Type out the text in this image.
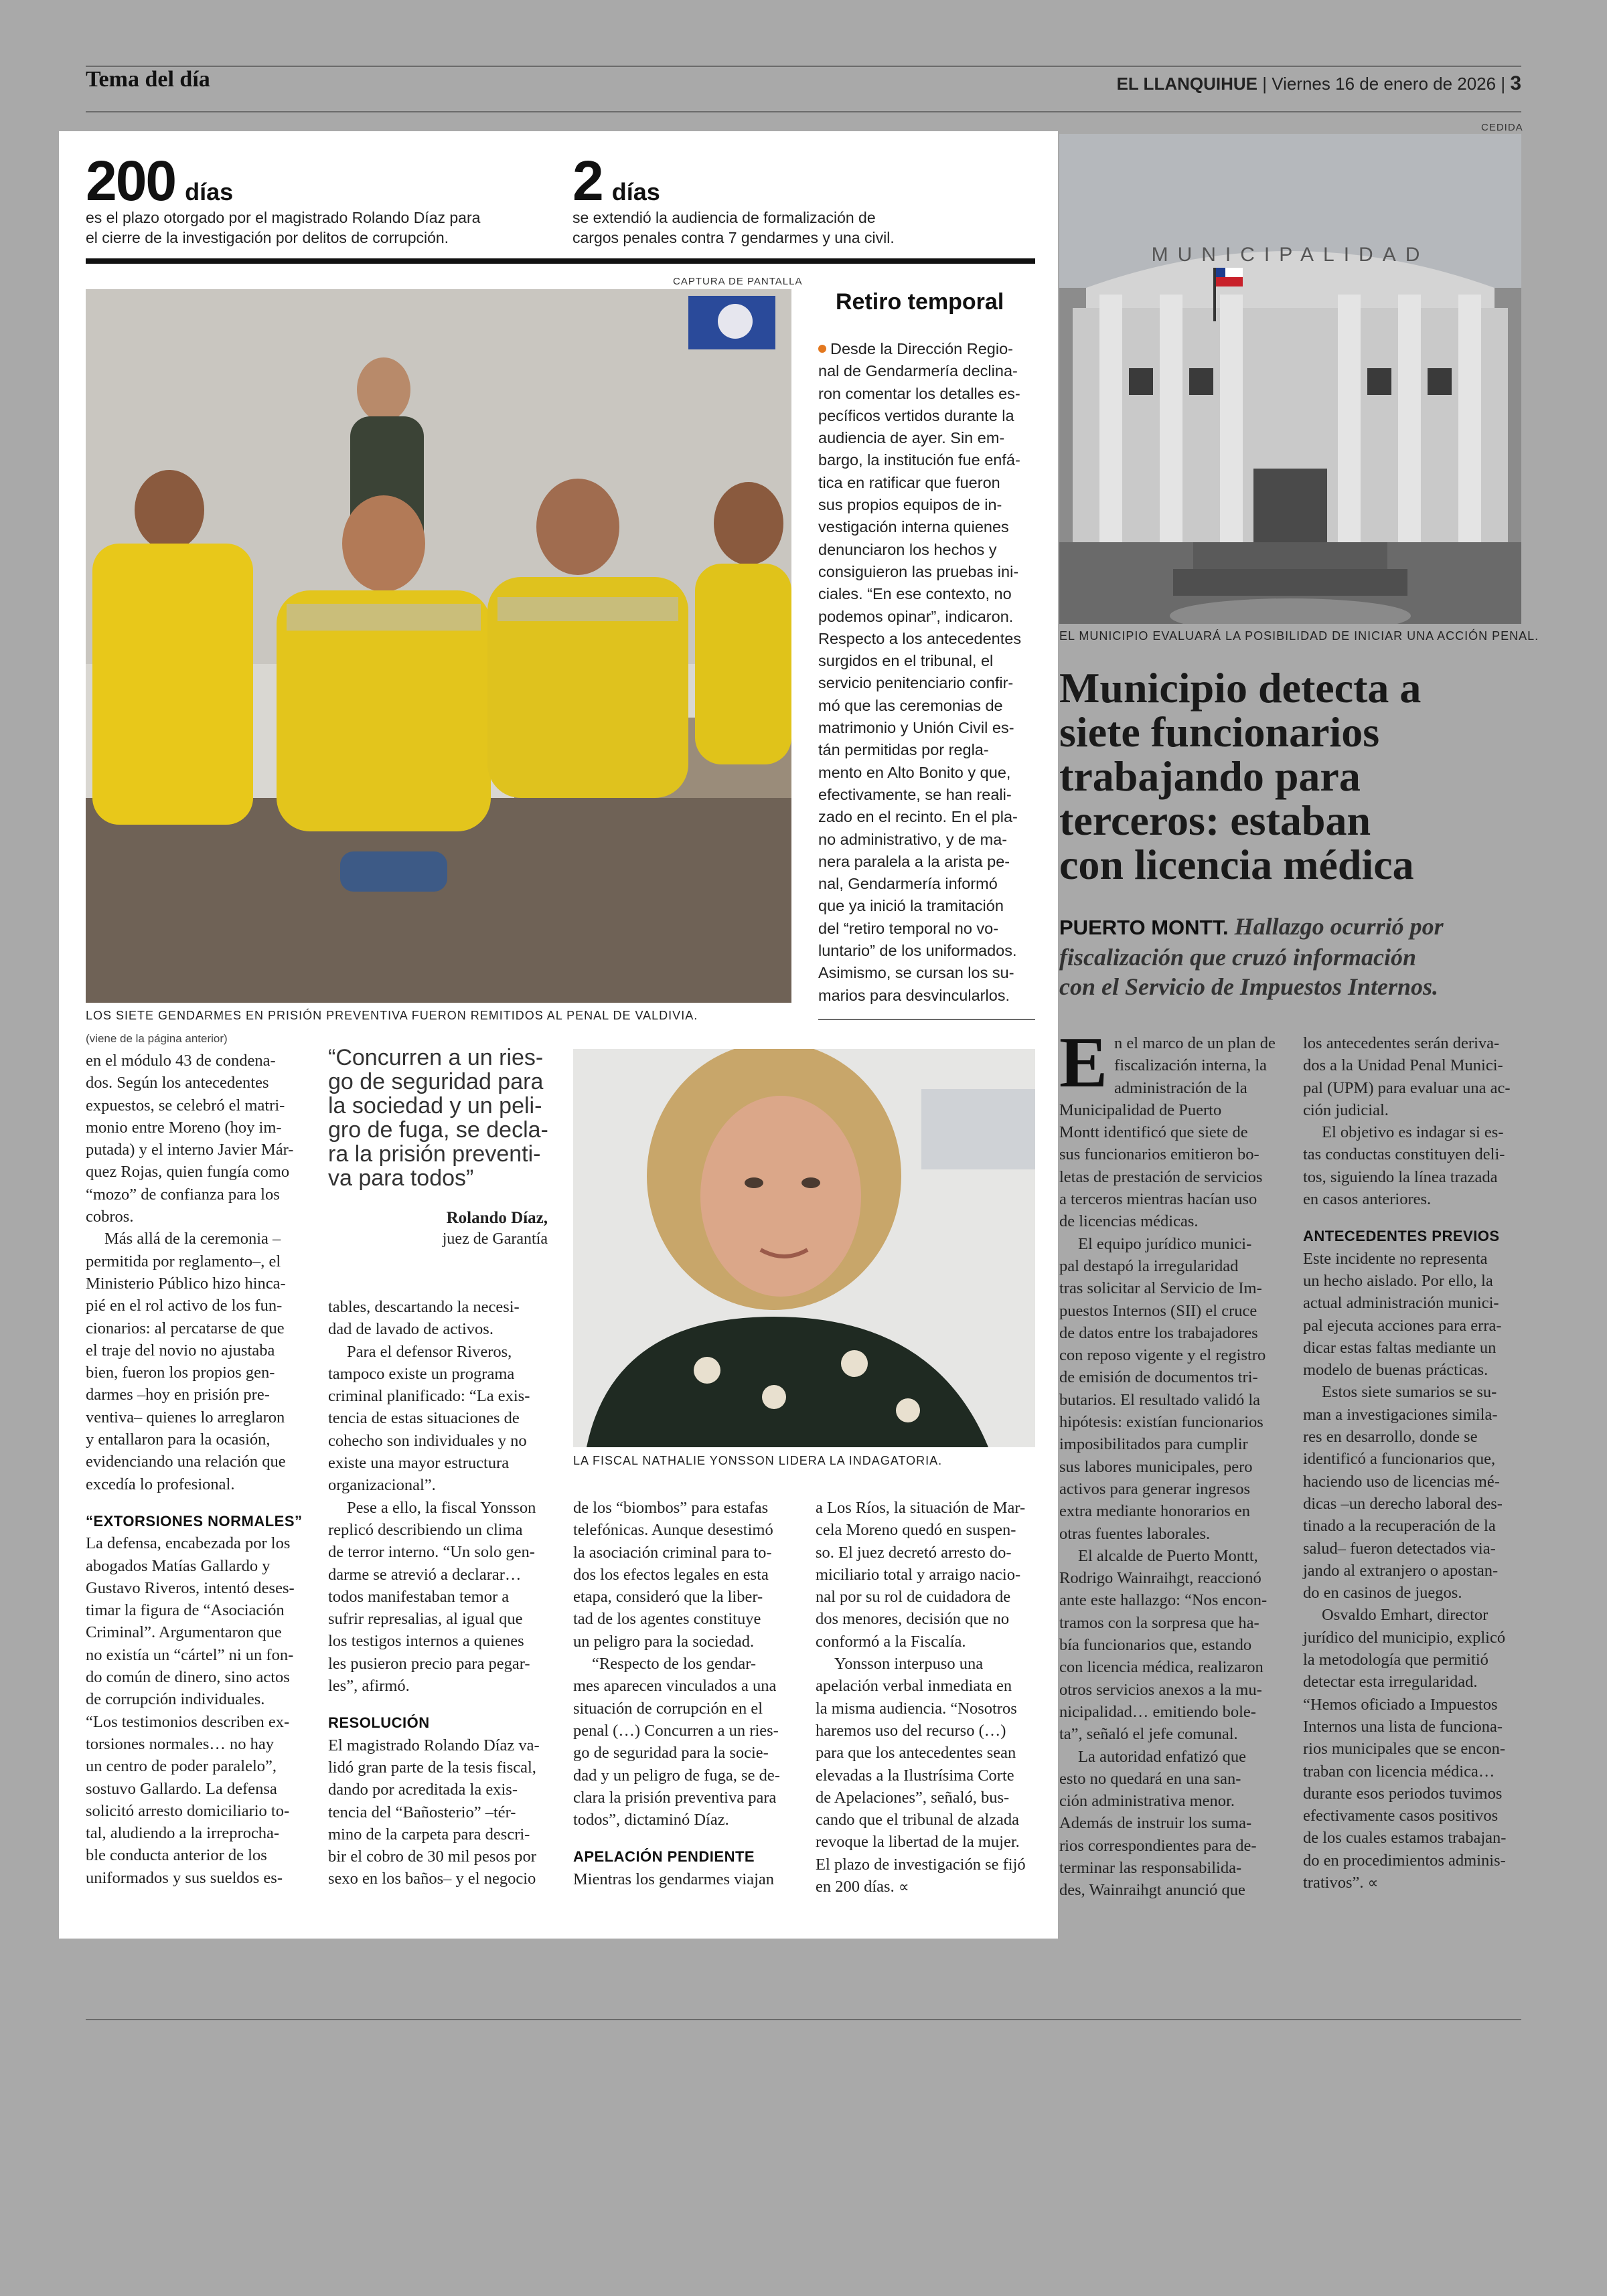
Tema del día	EL LLANQUIHUE | Viernes 16 de enero de 2026 | 3
200 días
es el plazo otorgado por el magistrado Rolando Díaz para
el cierre de la investigación por delitos de corrupción.
2 días
se extendió la audiencia de formalización de
cargos penales contra 7 gendarmes y una civil.
CAPTURA DE PANTALLA
LOS SIETE GENDARMES EN PRISIÓN PREVENTIVA FUERON REMITIDOS AL PENAL DE VALDIVIA.
Retiro temporal
Desde la Dirección Regio-
nal de Gendarmería declina-
ron comentar los detalles es-
pecíficos vertidos durante la
audiencia de ayer. Sin em-
bargo, la institución fue enfá-
tica en ratificar que fueron
sus propios equipos de in-
vestigación interna quienes
denunciaron los hechos y
consiguieron las pruebas ini-
ciales. “En ese contexto, no
podemos opinar”, indicaron.
Respecto a los antecedentes
surgidos en el tribunal, el
servicio penitenciario confir-
mó que las ceremonias de
matrimonio y Unión Civil es-
tán permitidas por regla-
mento en Alto Bonito y que,
efectivamente, se han reali-
zado en el recinto. En el pla-
no administrativo, y de ma-
nera paralela a la arista pe-
nal, Gendarmería informó
que ya inició la tramitación
del “retiro temporal no vo-
luntario” de los uniformados.
Asimismo, se cursan los su-
marios para desvincularlos.
(viene de la página anterior)

en el módulo 43 de condena-

dos. Según los antecedentes

expuestos, se celebró el matri-

monio entre Moreno (hoy im-

putada) y el interno Javier Már-

quez Rojas, quien fungía como

“mozo” de confianza para los

cobros.

Más allá de la ceremonia –

permitida por reglamento–, el

Ministerio Público hizo hinca-

pié en el rol activo de los fun-

cionarios: al percatarse de que

el traje del novio no ajustaba

bien, fueron los propios gen-

darmes –hoy en prisión pre-

ventiva– quienes lo arreglaron

y entallaron para la ocasión,

evidenciando una relación que

excedía lo profesional.

“EXTORSIONES NORMALES”

La defensa, encabezada por los

abogados Matías Gallardo y

Gustavo Riveros, intentó deses-

timar la figura de “Asociación

Criminal”. Argumentaron que

no existía un “cártel” ni un fon-

do común de dinero, sino actos

de corrupción individuales.

“Los testimonios describen ex-

torsiones normales… no hay

un centro de poder paralelo”,

sostuvo Gallardo. La defensa

solicitó arresto domiciliario to-

tal, aludiendo a la irreprocha-

ble conducta anterior de los

uniformados y sus sueldos es-

“Concurren a un ries-
go de seguridad para
la sociedad y un peli-
gro de fuga, se decla-
ra la prisión preventi-
va para todos”
Rolando Díaz,
juez de Garantía

tables, descartando la necesi-

dad de lavado de activos.

Para el defensor Riveros,

tampoco existe un programa

criminal planificado: “La exis-

tencia de estas situaciones de

cohecho son individuales y no

existe una mayor estructura

organizacional”.

Pese a ello, la fiscal Yonsson

replicó describiendo un clima

de terror interno. “Un solo gen-

darme se atrevió a declarar…

todos manifestaban temor a

sufrir represalias, al igual que

los testigos internos a quienes

les pusieron precio para pegar-

les”, afirmó.

RESOLUCIÓN

El magistrado Rolando Díaz va-

lidó gran parte de la tesis fiscal,

dando por acreditada la exis-

tencia del “Bañosterio” –tér-

mino de la carpeta para descri-

bir el cobro de 30 mil pesos por

sexo en los baños– y el negocio

LA FISCAL NATHALIE YONSSON LIDERA LA INDAGATORIA.

de los “biombos” para estafas

telefónicas. Aunque desestimó

la asociación criminal para to-

dos los efectos legales en esta

etapa, consideró que la liber-

tad de los agentes constituye

un peligro para la sociedad.

“Respecto de los gendar-

mes aparecen vinculados a una

situación de corrupción en el

penal (…) Concurren a un ries-

go de seguridad para la socie-

dad y un peligro de fuga, se de-

clara la prisión preventiva para

todos”, dictaminó Díaz.

APELACIÓN PENDIENTE

Mientras los gendarmes viajan

a Los Ríos, la situación de Mar-

cela Moreno quedó en suspen-

so. El juez decretó arresto do-

miciliario total y arraigo nacio-

nal por su rol de cuidadora de

dos menores, decisión que no

conformó a la Fiscalía.

Yonsson interpuso una

apelación verbal inmediata en

la misma audiencia. “Nosotros

haremos uso del recurso (…)

para que los antecedentes sean

elevadas a la Ilustrísima Corte

de Apelaciones”, señaló, bus-

cando que el tribunal de alzada

revoque la libertad de la mujer.

El plazo de investigación se fijó

en 200 días. ∝

CEDIDA
MUNICIPALIDAD
EL MUNICIPIO EVALUARÁ LA POSIBILIDAD DE INICIAR UNA ACCIÓN PENAL.
Municipio detecta a
siete funcionarios
trabajando para
terceros: estaban
con licencia médica
PUERTO MONTT. Hallazgo ocurrió por
fiscalización que cruzó información
con el Servicio de Impuestos Internos.
E n el marco de un plan de

fiscalización interna, la

administración de la

Municipalidad de Puerto

Montt identificó que siete de

sus funcionarios emitieron bo-

letas de prestación de servicios

a terceros mientras hacían uso

de licencias médicas.

El equipo jurídico munici-

pal destapó la irregularidad

tras solicitar al Servicio de Im-

puestos Internos (SII) el cruce

de datos entre los trabajadores

con reposo vigente y el registro

de emisión de documentos tri-

butarios. El resultado validó la

hipótesis: existían funcionarios

imposibilitados para cumplir

sus labores municipales, pero

activos para generar ingresos

extra mediante honorarios en

otras fuentes laborales.

El alcalde de Puerto Montt,

Rodrigo Wainraihgt, reaccionó

ante este hallazgo: “Nos encon-

tramos con la sorpresa que ha-

bía funcionarios que, estando

con licencia médica, realizaron

otros servicios anexos a la mu-

nicipalidad… emitiendo bole-

ta”, señaló el jefe comunal.

La autoridad enfatizó que

esto no quedará en una san-

ción administrativa menor.

Además de instruir los suma-

rios correspondientes para de-

terminar las responsabilida-

des, Wainraihgt anunció que

los antecedentes serán deriva-

dos a la Unidad Penal Munici-

pal (UPM) para evaluar una ac-

ción judicial.

El objetivo es indagar si es-

tas conductas constituyen deli-

tos, siguiendo la línea trazada

en casos anteriores.

ANTECEDENTES PREVIOS

Este incidente no representa

un hecho aislado. Por ello, la

actual administración munici-

pal ejecuta acciones para erra-

dicar estas faltas mediante un

modelo de buenas prácticas.

Estos siete sumarios se su-

man a investigaciones simila-

res en desarrollo, donde se

identificó a funcionarios que,

haciendo uso de licencias mé-

dicas –un derecho laboral des-

tinado a la recuperación de la

salud– fueron detectados via-

jando al extranjero o apostan-

do en casinos de juegos.

Osvaldo Emhart, director

jurídico del municipio, explicó

la metodología que permitió

detectar esta irregularidad.

“Hemos oficiado a Impuestos

Internos una lista de funciona-

rios municipales que se encon-

traban con licencia médica…

durante esos periodos tuvimos

efectivamente casos positivos

de los cuales estamos trabajan-

do en procedimientos adminis-

trativos”. ∝
